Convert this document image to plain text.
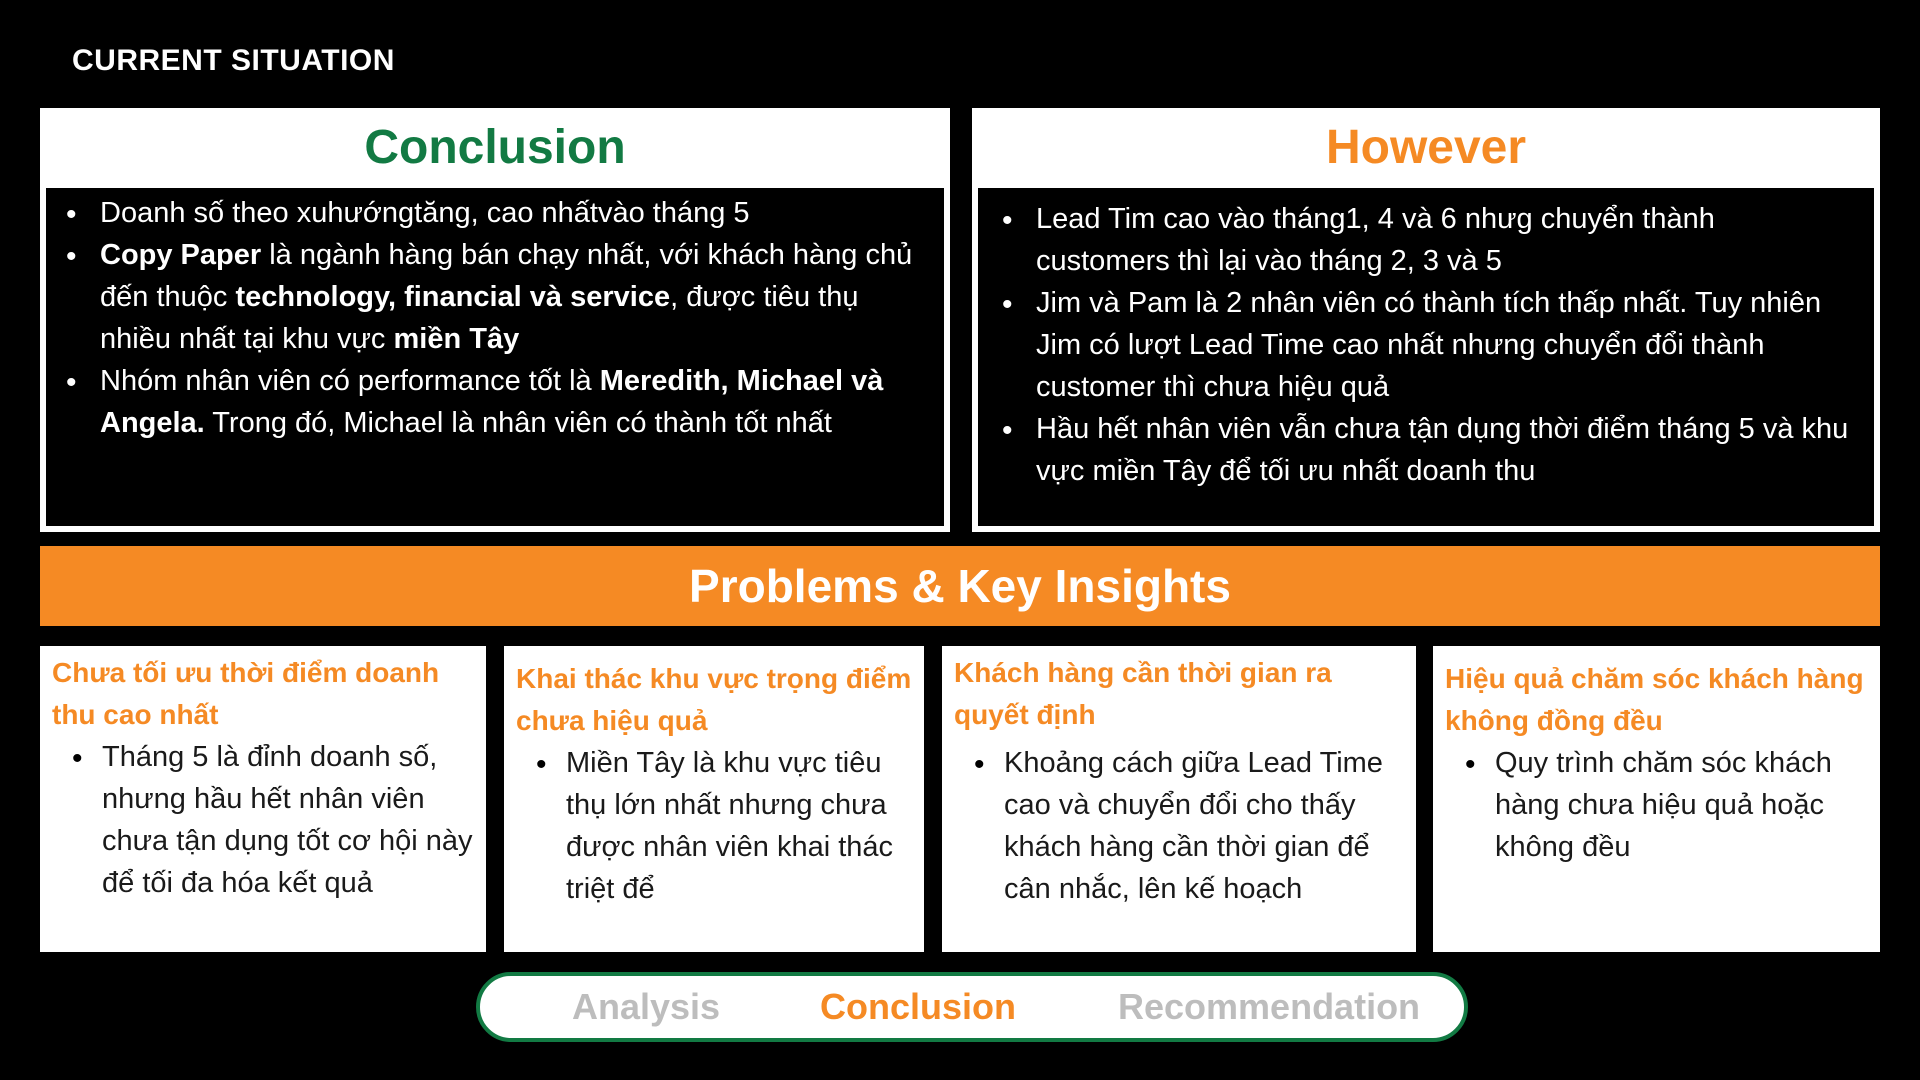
CURRENT SITUATION
Conclusion
• Doanh số theo xuhướngtăng, cao nhấtvào tháng 5
• Copy Paper là ngành hàng bán chạy nhất, với khách hàng chủ đến thuộc technology, financial và service, được tiêu thụ nhiều nhất tại khu vực miền Tây
• Nhóm nhân viên có performance tốt là Meredith, Michael và Angela. Trong đó, Michael là nhân viên có thành tốt nhất
However
• Lead Tim cao vào tháng1, 4 và 6 nhưg chuyển thành customers thì lại vào tháng 2, 3 và 5
• Jim và Pam là 2 nhân viên có thành tích thấp nhất. Tuy nhiên Jim có lượt Lead Time cao nhất nhưng chuyển đổi thành customer thì chưa hiệu quả
• Hầu hết nhân viên vẫn chưa tận dụng thời điểm tháng 5 và khu vực miền Tây để tối ưu nhất doanh thu
Problems & Key Insights
Chưa tối ưu thời điểm doanh thu cao nhất
• Tháng 5 là đỉnh doanh số, nhưng hầu hết nhân viên chưa tận dụng tốt cơ hội này để tối đa hóa kết quả
Khai thác khu vực trọng điểm chưa hiệu quả
• Miền Tây là khu vực tiêu thụ lớn nhất nhưng chưa được nhân viên khai thác triệt để
Khách hàng cần thời gian ra quyết định
• Khoảng cách giữa Lead Time cao và chuyển đổi cho thấy khách hàng cần thời gian để cân nhắc, lên kế hoạch
Hiệu quả chăm sóc khách hàng không đồng đều
• Quy trình chăm sóc khách hàng chưa hiệu quả hoặc không đều
Analysis	Conclusion	Recommendation
